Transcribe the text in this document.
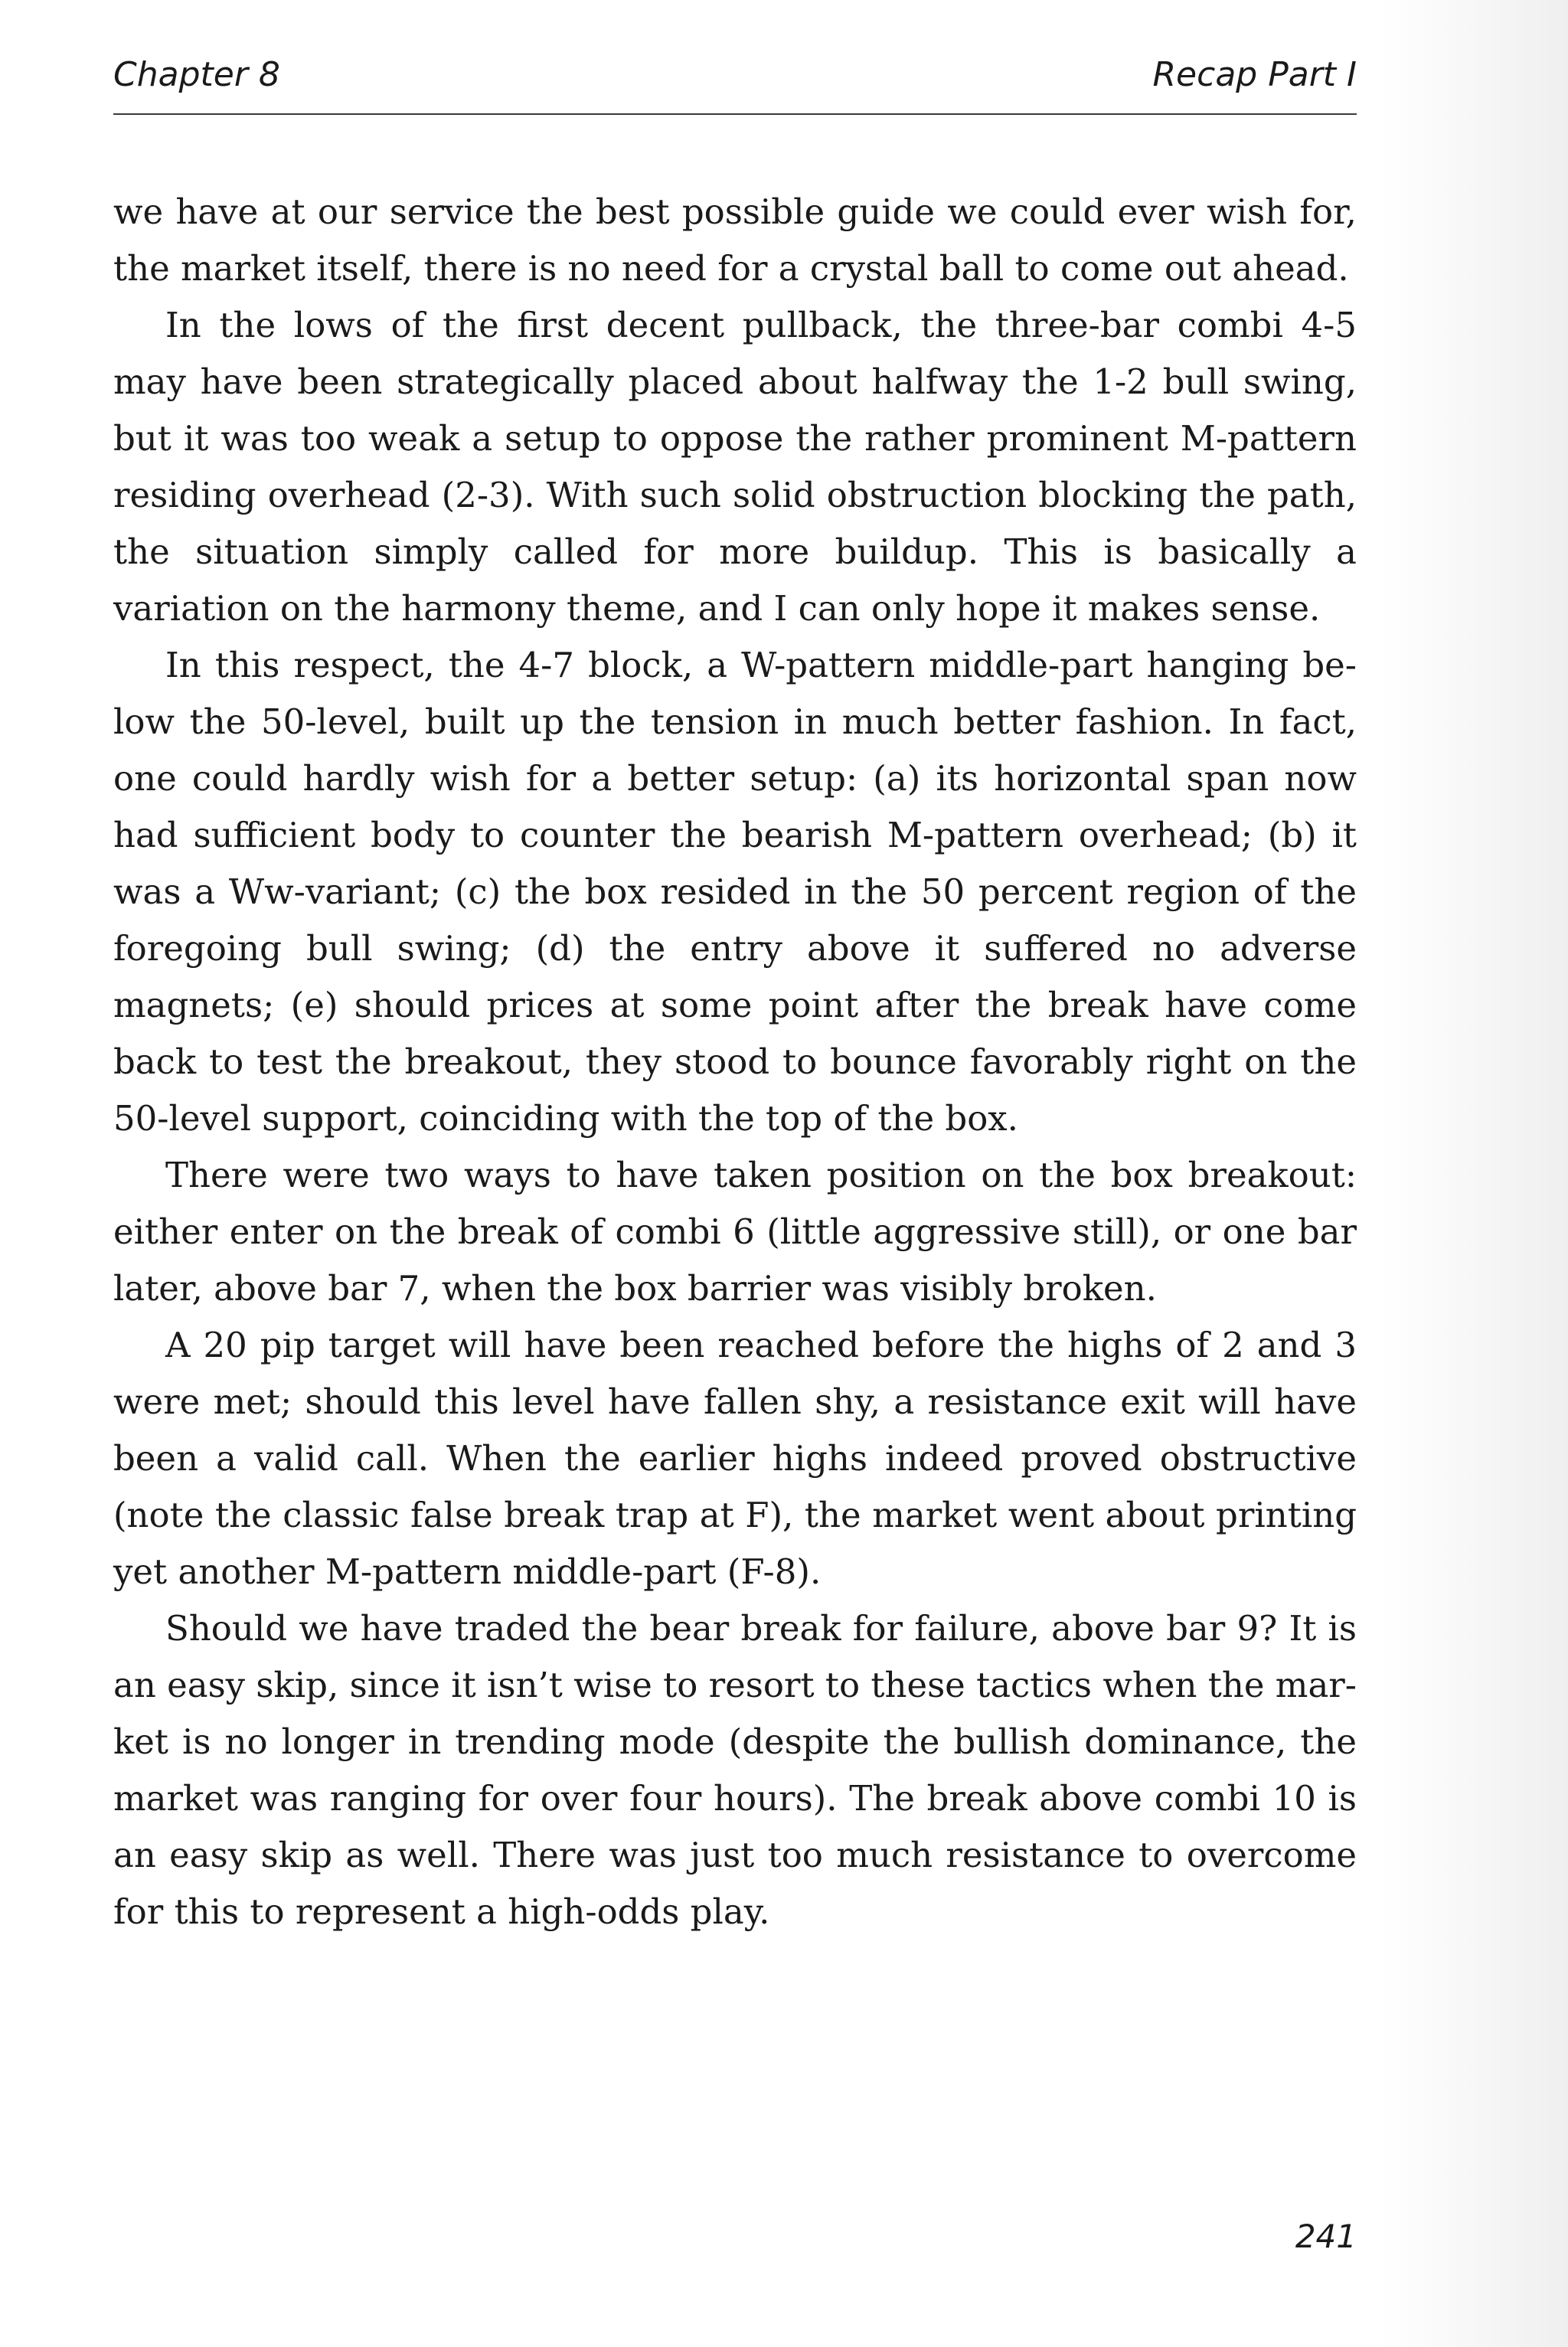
Chapter 8	Recap Part I

we have at our service the best possible guide we could ever wish for, the market itself, there is no need for a crystal ball to come out ahead.

In the lows of the first decent pullback, the three-bar combi 4-5 may have been strategically placed about halfway the 1-2 bull swing, but it was too weak a setup to oppose the rather prominent M-pattern residing overhead (2-3). With such solid obstruction blocking the path, the situation simply called for more buildup. This is basically a variation on the harmony theme, and I can only hope it makes sense.

In this respect, the 4-7 block, a W-pattern middle-part hanging below the 50-level, built up the tension in much better fashion. In fact, one could hardly wish for a better setup: (a) its horizontal span now had sufficient body to counter the bearish M-pattern overhead; (b) it was a Ww-variant; (c) the box resided in the 50 percent region of the foregoing bull swing; (d) the entry above it suffered no adverse magnets; (e) should prices at some point after the break have come back to test the breakout, they stood to bounce favorably right on the 50-level support, coinciding with the top of the box.

There were two ways to have taken position on the box breakout: either enter on the break of combi 6 (little aggressive still), or one bar later, above bar 7, when the box barrier was visibly broken.

A 20 pip target will have been reached before the highs of 2 and 3 were met; should this level have fallen shy, a resistance exit will have been a valid call. When the earlier highs indeed proved obstructive (note the classic false break trap at F), the market went about printing yet another M-pattern middle-part (F-8).

Should we have traded the bear break for failure, above bar 9? It is an easy skip, since it isn’t wise to resort to these tactics when the market is no longer in trending mode (despite the bullish dominance, the market was ranging for over four hours). The break above combi 10 is an easy skip as well. There was just too much resistance to overcome for this to represent a high-odds play.

241
